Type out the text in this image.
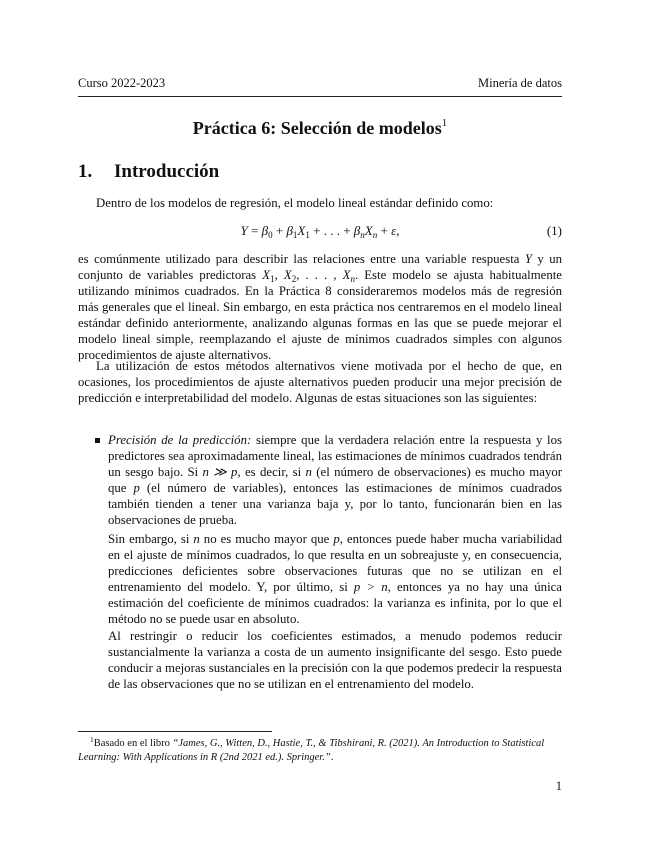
Curso 2022-2023	Minería de datos
Práctica 6: Selección de modelos$^1$
1. Introducción
Dentro de los modelos de regresión, el modelo lineal estándar definido como:
$Y = \beta_0 + \beta_1X_1$ + . . . + $\beta_nX_n + \varepsilon$,	(1)
es comúnmente utilizado para describir las relaciones entre una variable respuesta Y y un conjunto de variables predictoras $X_1$, $X_2$, . . . , $X_n$. Este modelo se ajusta habitualmente utilizando mínimos cuadrados. En la Práctica 8 consideraremos modelos más de regresión más generales que el lineal. Sin embargo, en esta práctica nos centraremos en el modelo lineal estándar definido anteriormente, analizando algunas formas en las que se puede mejorar el modelo lineal simple, reemplazando el ajuste de mínimos cuadrados simples con algunos procedimientos de ajuste alternativos.
La utilización de estos métodos alternativos viene motivada por el hecho de que, en ocasiones, los procedimientos de ajuste alternativos pueden producir una mejor precisión de predicción e interpretabilidad del modelo. Algunas de estas situaciones son las siguientes:
Precisión de la predicción: siempre que la verdadera relación entre la respuesta y los predictores sea aproximadamente lineal, las estimaciones de mínimos cuadrados tendrán un sesgo bajo. Si n ≫ p, es decir, si n (el número de observaciones) es mucho mayor que p (el número de variables), entonces las estimaciones de mínimos cuadrados también tienden a tener una varianza baja y, por lo tanto, funcionarán bien en las observaciones de prueba.
Sin embargo, si n no es mucho mayor que p, entonces puede haber mucha variabilidad en el ajuste de mínimos cuadrados, lo que resulta en un sobreajuste y, en consecuencia, predicciones deficientes sobre observaciones futuras que no se utilizan en el entrenamiento del modelo. Y, por último, si p > n, entonces ya no hay una única estimación del coeficiente de mínimos cuadrados: la varianza es infinita, por lo que el método no se puede usar en absoluto.
Al restringir o reducir los coeficientes estimados, a menudo podemos reducir sustancialmente la varianza a costa de un aumento insignificante del sesgo. Esto puede conducir a mejoras sustanciales en la precisión con la que podemos predecir la respuesta de las observaciones que no se utilizan en el entrenamiento del modelo.
$^1$Basado en el libro “James, G., Witten, D., Hastie, T., & Tibshirani, R. (2021). An Introduction to Statistical Learning: With Applications in R (2nd 2021 ed.). Springer.”.
1
